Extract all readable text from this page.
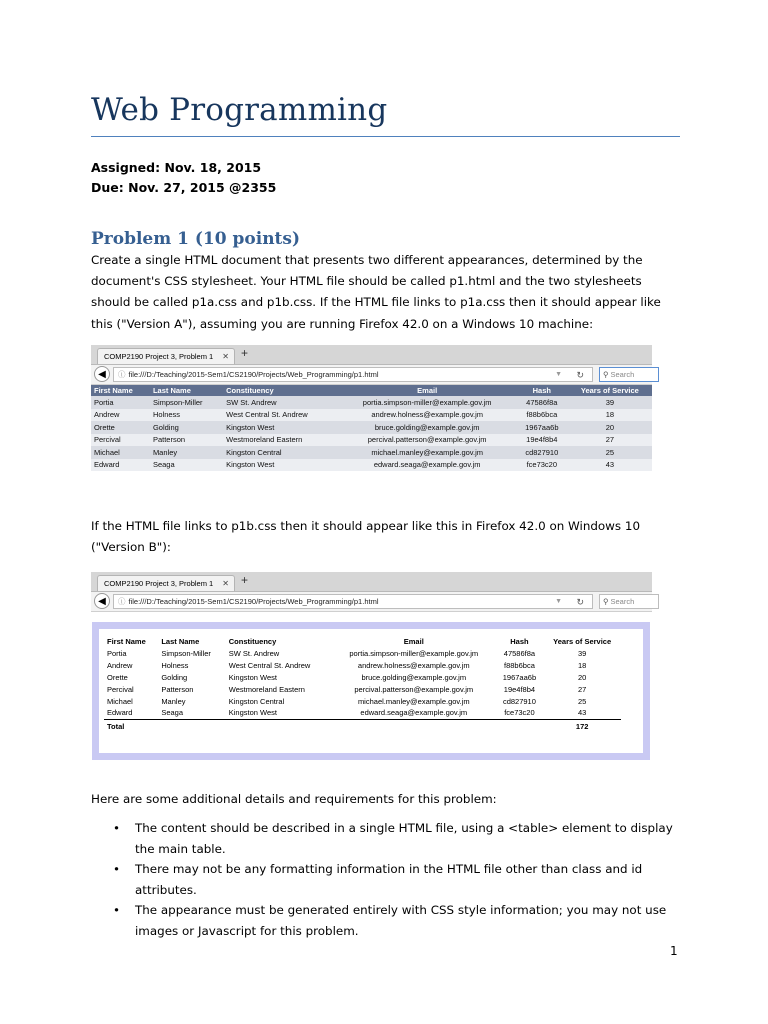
Web Programming
Assigned: Nov. 18, 2015
Due: Nov. 27, 2015 @2355
Problem 1 (10 points)
Create a single HTML document that presents two different appearances, determined by the document's CSS stylesheet. Your HTML file should be called p1.html and the two stylesheets should be called p1a.css and p1b.css. If the HTML file links to p1a.css then it should appear like this ("Version A"), assuming you are running Firefox 42.0 on a Windows 10 machine:
COMP2190 Project 3, Problem 1 ✕ +
◀	ⓘ file:///D:/Teaching/2015-Sem1/CS2190/Projects/Web_Programming/p1.html	▼ ↻	⚲ Search
First Name	Last Name	Constituency	Email	Hash	Years of Service
Portia	Simpson-Miller	SW St. Andrew	portia.simpson-miller@example.gov.jm	47586f8a	39
Andrew	Holness	West Central St. Andrew	andrew.holness@example.gov.jm	f88b6bca	18
Orette	Golding	Kingston West	bruce.golding@example.gov.jm	1967aa6b	20
Percival	Patterson	Westmoreland Eastern	percival.patterson@example.gov.jm	19e4f8b4	27
Michael	Manley	Kingston Central	michael.manley@example.gov.jm	cd827910	25
Edward	Seaga	Kingston West	edward.seaga@example.gov.jm	fce73c20	43
If the HTML file links to p1b.css then it should appear like this in Firefox 42.0 on Windows 10 ("Version B"):
COMP2190 Project 3, Problem 1 ✕ +
◀	ⓘ file:///D:/Teaching/2015-Sem1/CS2190/Projects/Web_Programming/p1.html	▼ ↻	⚲ Search
First Name	Last Name	Constituency	Email	Hash	Years of Service
Portia	Simpson-Miller	SW St. Andrew	portia.simpson-miller@example.gov.jm	47586f8a	39
Andrew	Holness	West Central St. Andrew	andrew.holness@example.gov.jm	f88b6bca	18
Orette	Golding	Kingston West	bruce.golding@example.gov.jm	1967aa6b	20
Percival	Patterson	Westmoreland Eastern	percival.patterson@example.gov.jm	19e4f8b4	27
Michael	Manley	Kingston Central	michael.manley@example.gov.jm	cd827910	25
Edward	Seaga	Kingston West	edward.seaga@example.gov.jm	fce73c20	43
Total					172
Here are some additional details and requirements for this problem:
• The content should be described in a single HTML file, using a <table> element to display the main table.
• There may not be any formatting information in the HTML file other than class and id attributes.
• The appearance must be generated entirely with CSS style information; you may not use images or Javascript for this problem.
1
